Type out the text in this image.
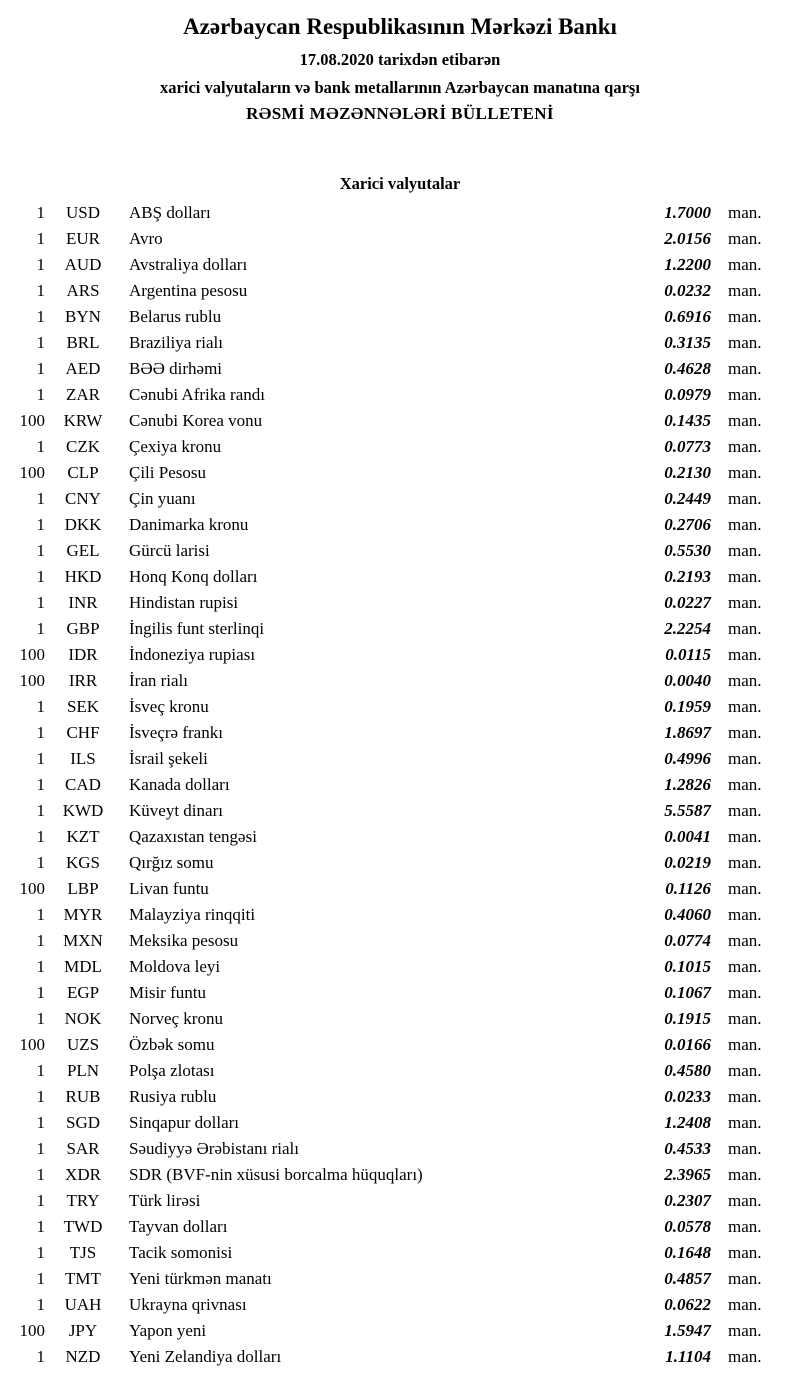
Azərbaycan Respublikasının Mərkəzi Bankı
17.08.2020 tarixdən etibarən
xarici valyutaların və bank metallarının Azərbaycan manatına qarşı
RƏSMİ MƏZƏNNƏLƏRİ BÜLLETENİ
Xarici valyutalar
1	USD	ABŞ dolları	1.7000	man.
1	EUR	Avro	2.0156	man.
1	AUD	Avstraliya dolları	1.2200	man.
1	ARS	Argentina pesosu	0.0232	man.
1	BYN	Belarus rublu	0.6916	man.
1	BRL	Braziliya rialı	0.3135	man.
1	AED	BƏƏ dirhəmi	0.4628	man.
1	ZAR	Cənubi Afrika randı	0.0979	man.
100	KRW	Cənubi Korea vonu	0.1435	man.
1	CZK	Çexiya kronu	0.0773	man.
100	CLP	Çili Pesosu	0.2130	man.
1	CNY	Çin yuanı	0.2449	man.
1	DKK	Danimarka kronu	0.2706	man.
1	GEL	Gürcü larisi	0.5530	man.
1	HKD	Honq Konq dolları	0.2193	man.
1	INR	Hindistan rupisi	0.0227	man.
1	GBP	İngilis funt sterlinqi	2.2254	man.
100	IDR	İndoneziya rupiası	0.0115	man.
100	IRR	İran rialı	0.0040	man.
1	SEK	İsveç kronu	0.1959	man.
1	CHF	İsveçrə frankı	1.8697	man.
1	ILS	İsrail şekeli	0.4996	man.
1	CAD	Kanada dolları	1.2826	man.
1	KWD	Küveyt dinarı	5.5587	man.
1	KZT	Qazaxıstan tengəsi	0.0041	man.
1	KGS	Qırğız somu	0.0219	man.
100	LBP	Livan funtu	0.1126	man.
1	MYR	Malayziya rinqqiti	0.4060	man.
1	MXN	Meksika pesosu	0.0774	man.
1	MDL	Moldova leyi	0.1015	man.
1	EGP	Misir funtu	0.1067	man.
1	NOK	Norveç kronu	0.1915	man.
100	UZS	Özbək somu	0.0166	man.
1	PLN	Polşa zlotası	0.4580	man.
1	RUB	Rusiya rublu	0.0233	man.
1	SGD	Sinqapur dolları	1.2408	man.
1	SAR	Səudiyyə Ərəbistanı rialı	0.4533	man.
1	XDR	SDR (BVF-nin xüsusi borcalma hüquqları)	2.3965	man.
1	TRY	Türk lirəsi	0.2307	man.
1	TWD	Tayvan dolları	0.0578	man.
1	TJS	Tacik somonisi	0.1648	man.
1	TMT	Yeni türkmən manatı	0.4857	man.
1	UAH	Ukrayna qrivnası	0.0622	man.
100	JPY	Yapon yeni	1.5947	man.
1	NZD	Yeni Zelandiya dolları	1.1104	man.
